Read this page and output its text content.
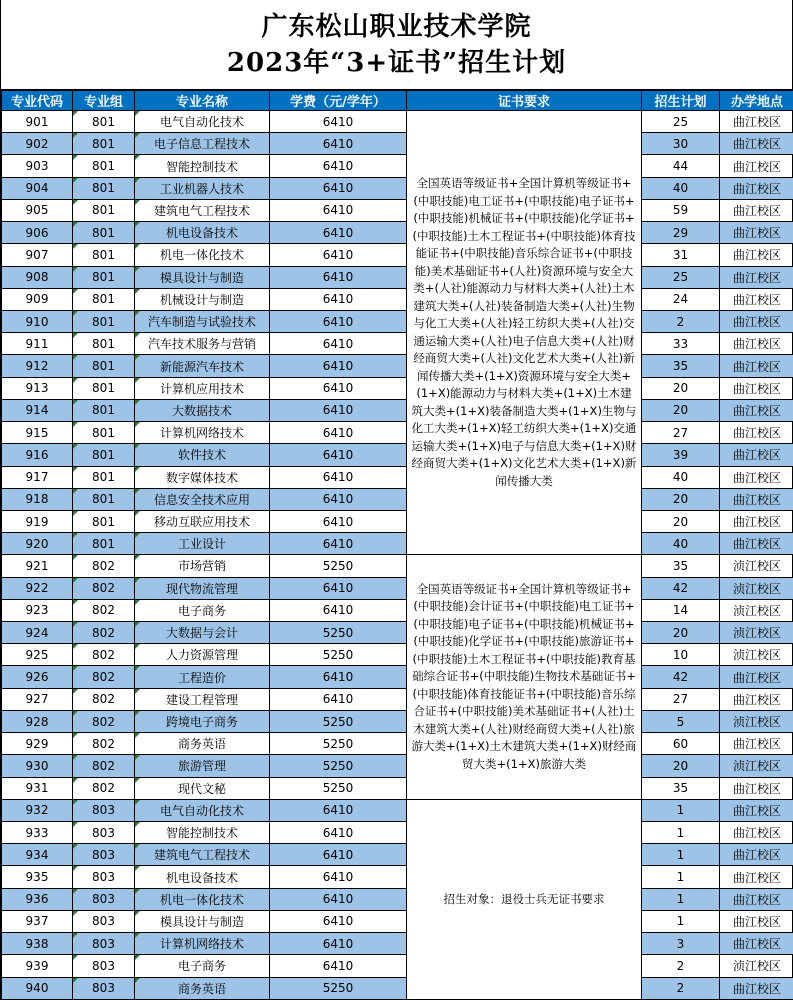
广东松山职业技术学院
2023年“3+证书”招生计划
专业代码	专业组	专业名称	学费（元/学年）	证书要求	招生计划	办学地点
901	801	电气自动化技术	6410	全国英语等级证书+全国计算机等级证书+(中职技能)电工证书+(中职技能)电子证书+(中职技能)机械证书+(中职技能)化学证书+(中职技能)土木工程证书+(中职技能)体育技能证书+(中职技能)音乐综合证书+(中职技能)美术基础证书+(人社)资源环境与安全大类+(人社)能源动力与材料大类+(人社)土木建筑大类+(人社)装备制造大类+(人社)生物与化工大类+(人社)轻工纺织大类+(人社)交通运输大类+(人社)电子信息大类+(人社)财经商贸大类+(人社)文化艺术大类+(人社)新闻传播大类+(1+X)资源环境与安全大类+(1+X)能源动力与材料大类+(1+X)土木建筑大类+(1+X)装备制造大类+(1+X)生物与化工大类+(1+X)轻工纺织大类+(1+X)交通运输大类+(1+X)电子与信息大类+(1+X)财经商贸大类+(1+X)文化艺术大类+(1+X)新闻传播大类	25	曲江校区
902	801	电子信息工程技术	6410		30	曲江校区
903	801	智能控制技术	6410		44	曲江校区
904	801	工业机器人技术	6410		40	曲江校区
905	801	建筑电气工程技术	6410		59	曲江校区
906	801	机电设备技术	6410		29	曲江校区
907	801	机电一体化技术	6410		31	曲江校区
908	801	模具设计与制造	6410		25	曲江校区
909	801	机械设计与制造	6410		24	曲江校区
910	801	汽车制造与试验技术	6410		2	曲江校区
911	801	汽车技术服务与营销	6410		33	曲江校区
912	801	新能源汽车技术	6410		35	曲江校区
913	801	计算机应用技术	6410		20	曲江校区
914	801	大数据技术	6410		20	曲江校区
915	801	计算机网络技术	6410		27	曲江校区
916	801	软件技术	6410		39	曲江校区
917	801	数字媒体技术	6410		40	曲江校区
918	801	信息安全技术应用	6410		20	曲江校区
919	801	移动互联应用技术	6410		20	曲江校区
920	801	工业设计	6410		40	曲江校区
921	802	市场营销	5250	全国英语等级证书+全国计算机等级证书+(中职技能)会计证书+(中职技能)电工证书+(中职技能)电子证书+(中职技能)机械证书+(中职技能)化学证书+(中职技能)旅游证书+(中职技能)土木工程证书+(中职技能)教育基础综合证书+(中职技能)生物技术基础证书+(中职技能)体育技能证书+(中职技能)音乐综合证书+(中职技能)美术基础证书+(人社)土木建筑大类+(人社)财经商贸大类+(人社)旅游大类+(1+X)土木建筑大类+(1+X)财经商贸大类+(1+X)旅游大类	35	浈江校区
922	802	现代物流管理	6410		42	浈江校区
923	802	电子商务	6410		14	浈江校区
924	802	大数据与会计	5250		20	浈江校区
925	802	人力资源管理	5250		10	浈江校区
926	802	工程造价	6410		42	曲江校区
927	802	建设工程管理	6410		27	曲江校区
928	802	跨境电子商务	5250		5	浈江校区
929	802	商务英语	5250		60	曲江校区
930	802	旅游管理	5250		20	浈江校区
931	802	现代文秘	5250		35	曲江校区
932	803	电气自动化技术	6410	招生对象：退役士兵无证书要求	1	曲江校区
933	803	智能控制技术	6410		1	曲江校区
934	803	建筑电气工程技术	6410		1	曲江校区
935	803	机电设备技术	6410		1	曲江校区
936	803	机电一体化技术	6410		1	曲江校区
937	803	模具设计与制造	6410		1	曲江校区
938	803	计算机网络技术	6410		3	曲江校区
939	803	电子商务	6410		2	浈江校区
940	803	商务英语	5250		2	曲江校区
